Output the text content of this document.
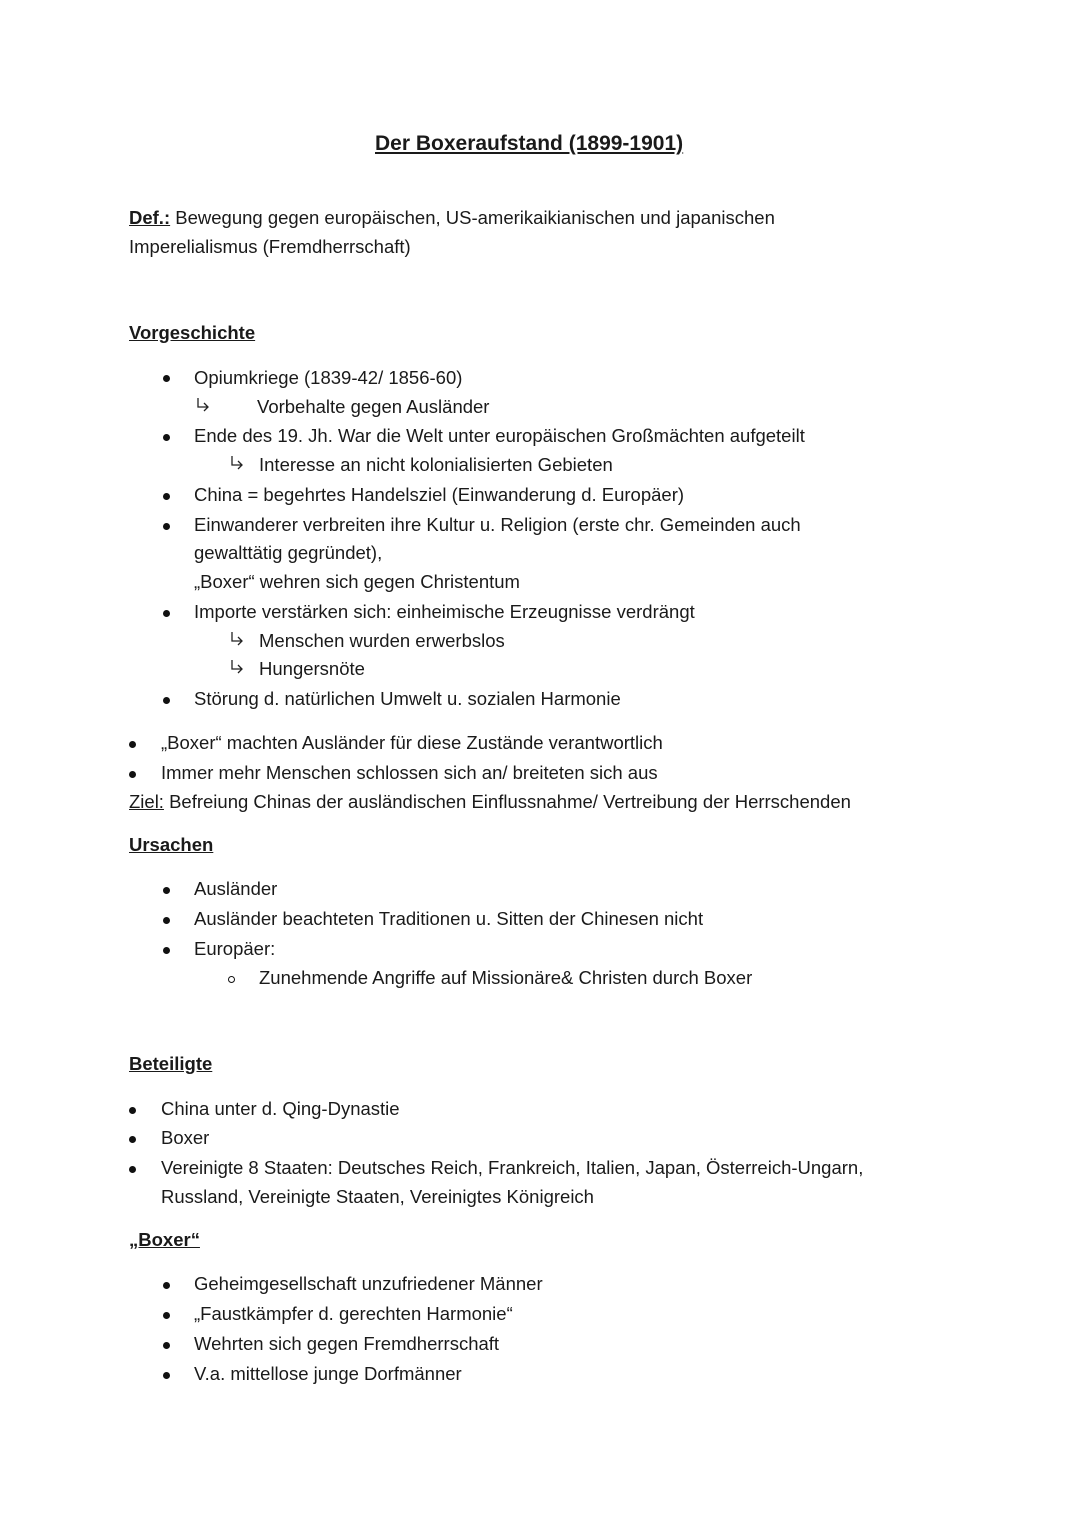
Der Boxeraufstand (1899-1901)
Def.: Bewegung gegen europäischen, US-amerikaikianischen und japanischen
Imperelialismus (Fremdherrschaft)
Vorgeschichte
Opiumkriege (1839-42/ 1856-60)
Vorbehalte gegen Ausländer
Ende des 19. Jh. War die Welt unter europäischen Großmächten aufgeteilt
Interesse an nicht kolonialisierten Gebieten
China = begehrtes Handelsziel (Einwanderung d. Europäer)
Einwanderer verbreiten ihre Kultur u. Religion (erste chr. Gemeinden auch
gewalttätig gegründet),
„Boxer“ wehren sich gegen Christentum
Importe verstärken sich: einheimische Erzeugnisse verdrängt
Menschen wurden erwerbslos
Hungersnöte
Störung d. natürlichen Umwelt u. sozialen Harmonie
„Boxer“ machten Ausländer für diese Zustände verantwortlich
Immer mehr Menschen schlossen sich an/ breiteten sich aus
Ziel: Befreiung Chinas der ausländischen Einflussnahme/ Vertreibung der Herrschenden
Ursachen
Ausländer
Ausländer beachteten Traditionen u. Sitten der Chinesen nicht
Europäer:
Zunehmende Angriffe auf Missionäre& Christen durch Boxer
Beteiligte
China unter d. Qing-Dynastie
Boxer
Vereinigte 8 Staaten: Deutsches Reich, Frankreich, Italien, Japan, Österreich-Ungarn,
Russland, Vereinigte Staaten, Vereinigtes Königreich
„Boxer“
Geheimgesellschaft unzufriedener Männer
„Faustkämpfer d. gerechten Harmonie“
Wehrten sich gegen Fremdherrschaft
V.a. mittellose junge Dorfmänner
